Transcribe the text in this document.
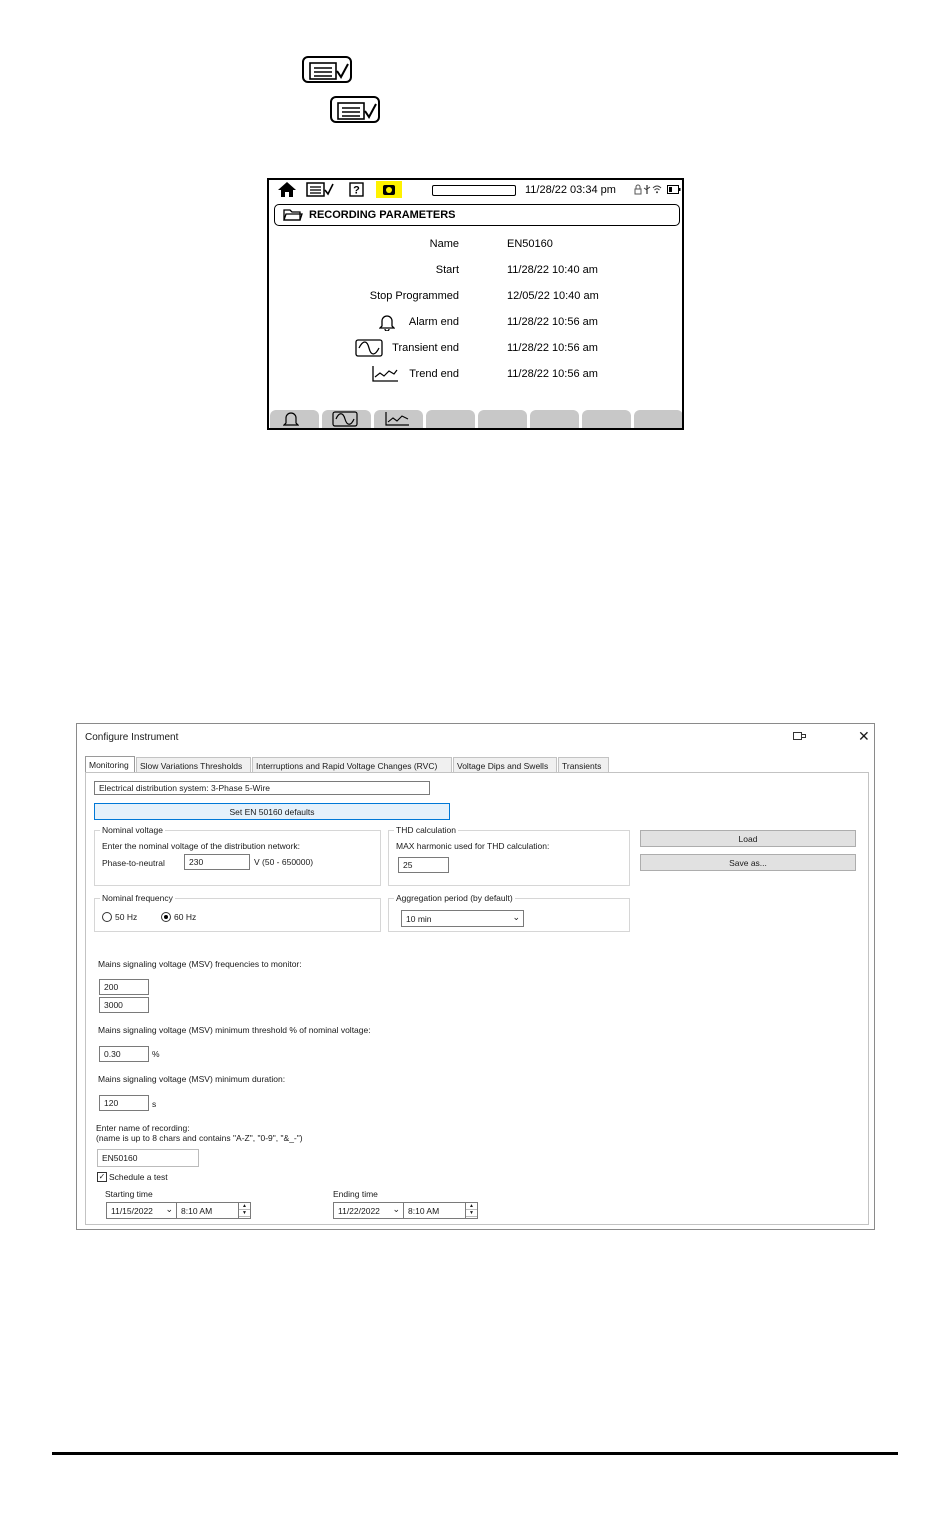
?	11/28/22 03:34 pm
RECORDING PARAMETERS
Name	EN50160
Start	11/28/22 10:40 am
Stop Programmed	12/05/22 10:40 am
Alarm end	11/28/22 10:56 am
Transient end	11/28/22 10:56 am
Trend end	11/28/22 10:56 am
Configure Instrument	✕
Monitoring	Slow Variations Thresholds	Interruptions and Rapid Voltage Changes (RVC)	Voltage Dips and Swells	Transients
Electrical distribution system: 3-Phase 5-Wire
Set EN 50160 defaults
Nominal voltage
Enter the nominal voltage of the distribution network:
Phase-to-neutral	230	V (50 - 650000)
THD calculation
MAX harmonic used for THD calculation:
25
Load
Save as...
Nominal frequency
50 Hz	60 Hz
Aggregation period (by default)
10 min	⌄
Mains signaling voltage (MSV) frequencies to monitor:
200
3000
Mains signaling voltage (MSV) minimum threshold % of nominal voltage:
0.30	%
Mains signaling voltage (MSV) minimum duration:
120	s
Enter name of recording:
(name is up to 8 chars and contains "A-Z", "0-9", "&_-")
EN50160
✓ Schedule a test
Starting time
11/15/2022 ⌄ 8:10 AM	▲
▼
Ending time
11/22/2022 ⌄ 8:10 AM	▲
▼
